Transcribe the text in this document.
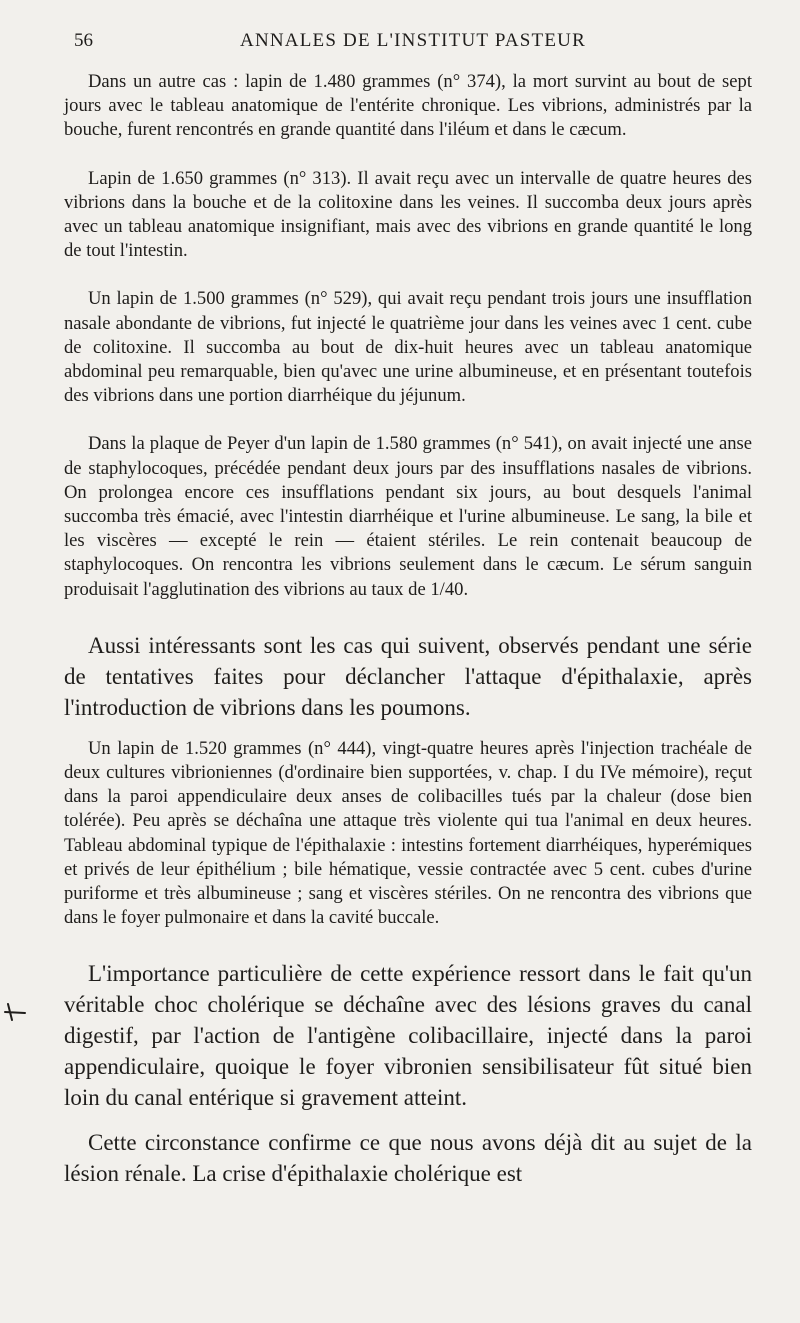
56	ANNALES DE L'INSTITUT PASTEUR

Dans un autre cas : lapin de 1.480 grammes (n° 374), la mort survint au bout de sept jours avec le tableau anatomique de l'entérite chronique. Les vibrions, administrés par la bouche, furent rencontrés en grande quantité dans l'iléum et dans le cæcum.

Lapin de 1.650 grammes (n° 313). Il avait reçu avec un intervalle de quatre heures des vibrions dans la bouche et de la colitoxine dans les veines. Il succomba deux jours après avec un tableau anatomique insignifiant, mais avec des vibrions en grande quantité le long de tout l'intestin.

Un lapin de 1.500 grammes (n° 529), qui avait reçu pendant trois jours une insufflation nasale abondante de vibrions, fut injecté le quatrième jour dans les veines avec 1 cent. cube de colitoxine. Il succomba au bout de dix-huit heures avec un tableau anatomique abdominal peu remarquable, bien qu'avec une urine albumineuse, et en présentant toutefois des vibrions dans une portion diarrhéique du jéjunum.

Dans la plaque de Peyer d'un lapin de 1.580 grammes (n° 541), on avait injecté une anse de staphylocoques, précédée pendant deux jours par des insufflations nasales de vibrions. On prolongea encore ces insufflations pendant six jours, au bout desquels l'animal succomba très émacié, avec l'intestin diarrhéique et l'urine albumineuse. Le sang, la bile et les viscères — excepté le rein — étaient stériles. Le rein contenait beaucoup de staphylocoques. On rencontra les vibrions seulement dans le cæcum. Le sérum sanguin produisait l'agglutination des vibrions au taux de 1/40.

Aussi intéressants sont les cas qui suivent, observés pendant une série de tentatives faites pour déclancher l'attaque d'épithalaxie, après l'introduction de vibrions dans les poumons.

Un lapin de 1.520 grammes (n° 444), vingt-quatre heures après l'injection trachéale de deux cultures vibrioniennes (d'ordinaire bien supportées, v. chap. I du IVe mémoire), reçut dans la paroi appendiculaire deux anses de colibacilles tués par la chaleur (dose bien tolérée). Peu après se déchaîna une attaque très violente qui tua l'animal en deux heures. Tableau abdominal typique de l'épithalaxie : intestins fortement diarrhéiques, hyperémiques et privés de leur épithélium ; bile hématique, vessie contractée avec 5 cent. cubes d'urine puriforme et très albumineuse ; sang et viscères stériles. On ne rencontra des vibrions que dans le foyer pulmonaire et dans la cavité buccale.

L'importance particulière de cette expérience ressort dans le fait qu'un véritable choc cholérique se déchaîne avec des lésions graves du canal digestif, par l'action de l'antigène colibacillaire, injecté dans la paroi appendiculaire, quoique le foyer vibronien sensibilisateur fût situé bien loin du canal entérique si gravement atteint.

Cette circonstance confirme ce que nous avons déjà dit au sujet de la lésion rénale. La crise d'épithalaxie cholérique est
